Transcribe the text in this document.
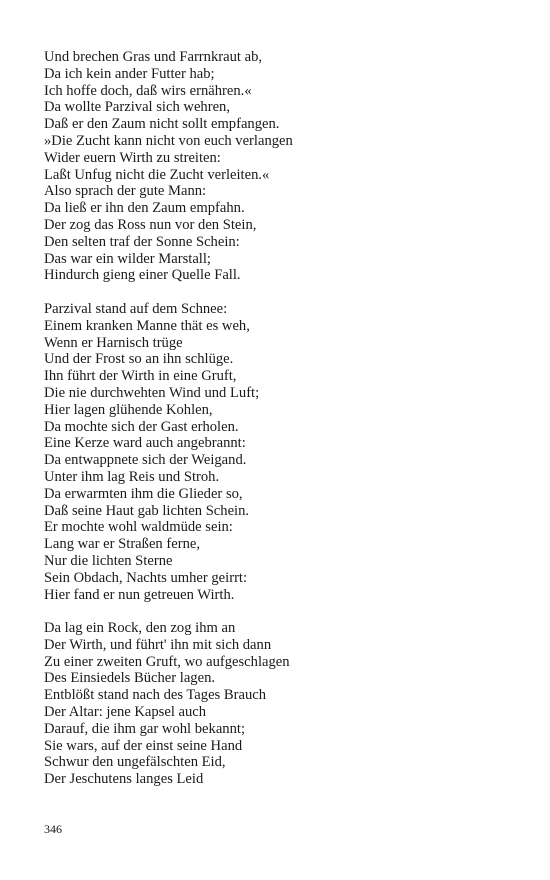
Und brechen Gras und Farrnkraut ab,
Da ich kein ander Futter hab;
Ich hoffe doch, daß wirs ernähren.«
Da wollte Parzival sich wehren,
Daß er den Zaum nicht sollt empfangen.
»Die Zucht kann nicht von euch verlangen
Wider euern Wirth zu streiten:
Laßt Unfug nicht die Zucht verleiten.«
Also sprach der gute Mann:
Da ließ er ihn den Zaum empfahn.
Der zog das Ross nun vor den Stein,
Den selten traf der Sonne Schein:
Das war ein wilder Marstall;
Hindurch gieng einer Quelle Fall.
Parzival stand auf dem Schnee:
Einem kranken Manne thät es weh,
Wenn er Harnisch trüge
Und der Frost so an ihn schlüge.
Ihn führt der Wirth in eine Gruft,
Die nie durchwehten Wind und Luft;
Hier lagen glühende Kohlen,
Da mochte sich der Gast erholen.
Eine Kerze ward auch angebrannt:
Da entwappnete sich der Weigand.
Unter ihm lag Reis und Stroh.
Da erwarmten ihm die Glieder so,
Daß seine Haut gab lichten Schein.
Er mochte wohl waldmüde sein:
Lang war er Straßen ferne,
Nur die lichten Sterne
Sein Obdach, Nachts umher geirrt:
Hier fand er nun getreuen Wirth.
Da lag ein Rock, den zog ihm an
Der Wirth, und führt' ihn mit sich dann
Zu einer zweiten Gruft, wo aufgeschlagen
Des Einsiedels Bücher lagen.
Entblößt stand nach des Tages Brauch
Der Altar: jene Kapsel auch
Darauf, die ihm gar wohl bekannt;
Sie wars, auf der einst seine Hand
Schwur den ungefälschten Eid,
Der Jeschutens langes Leid
346
